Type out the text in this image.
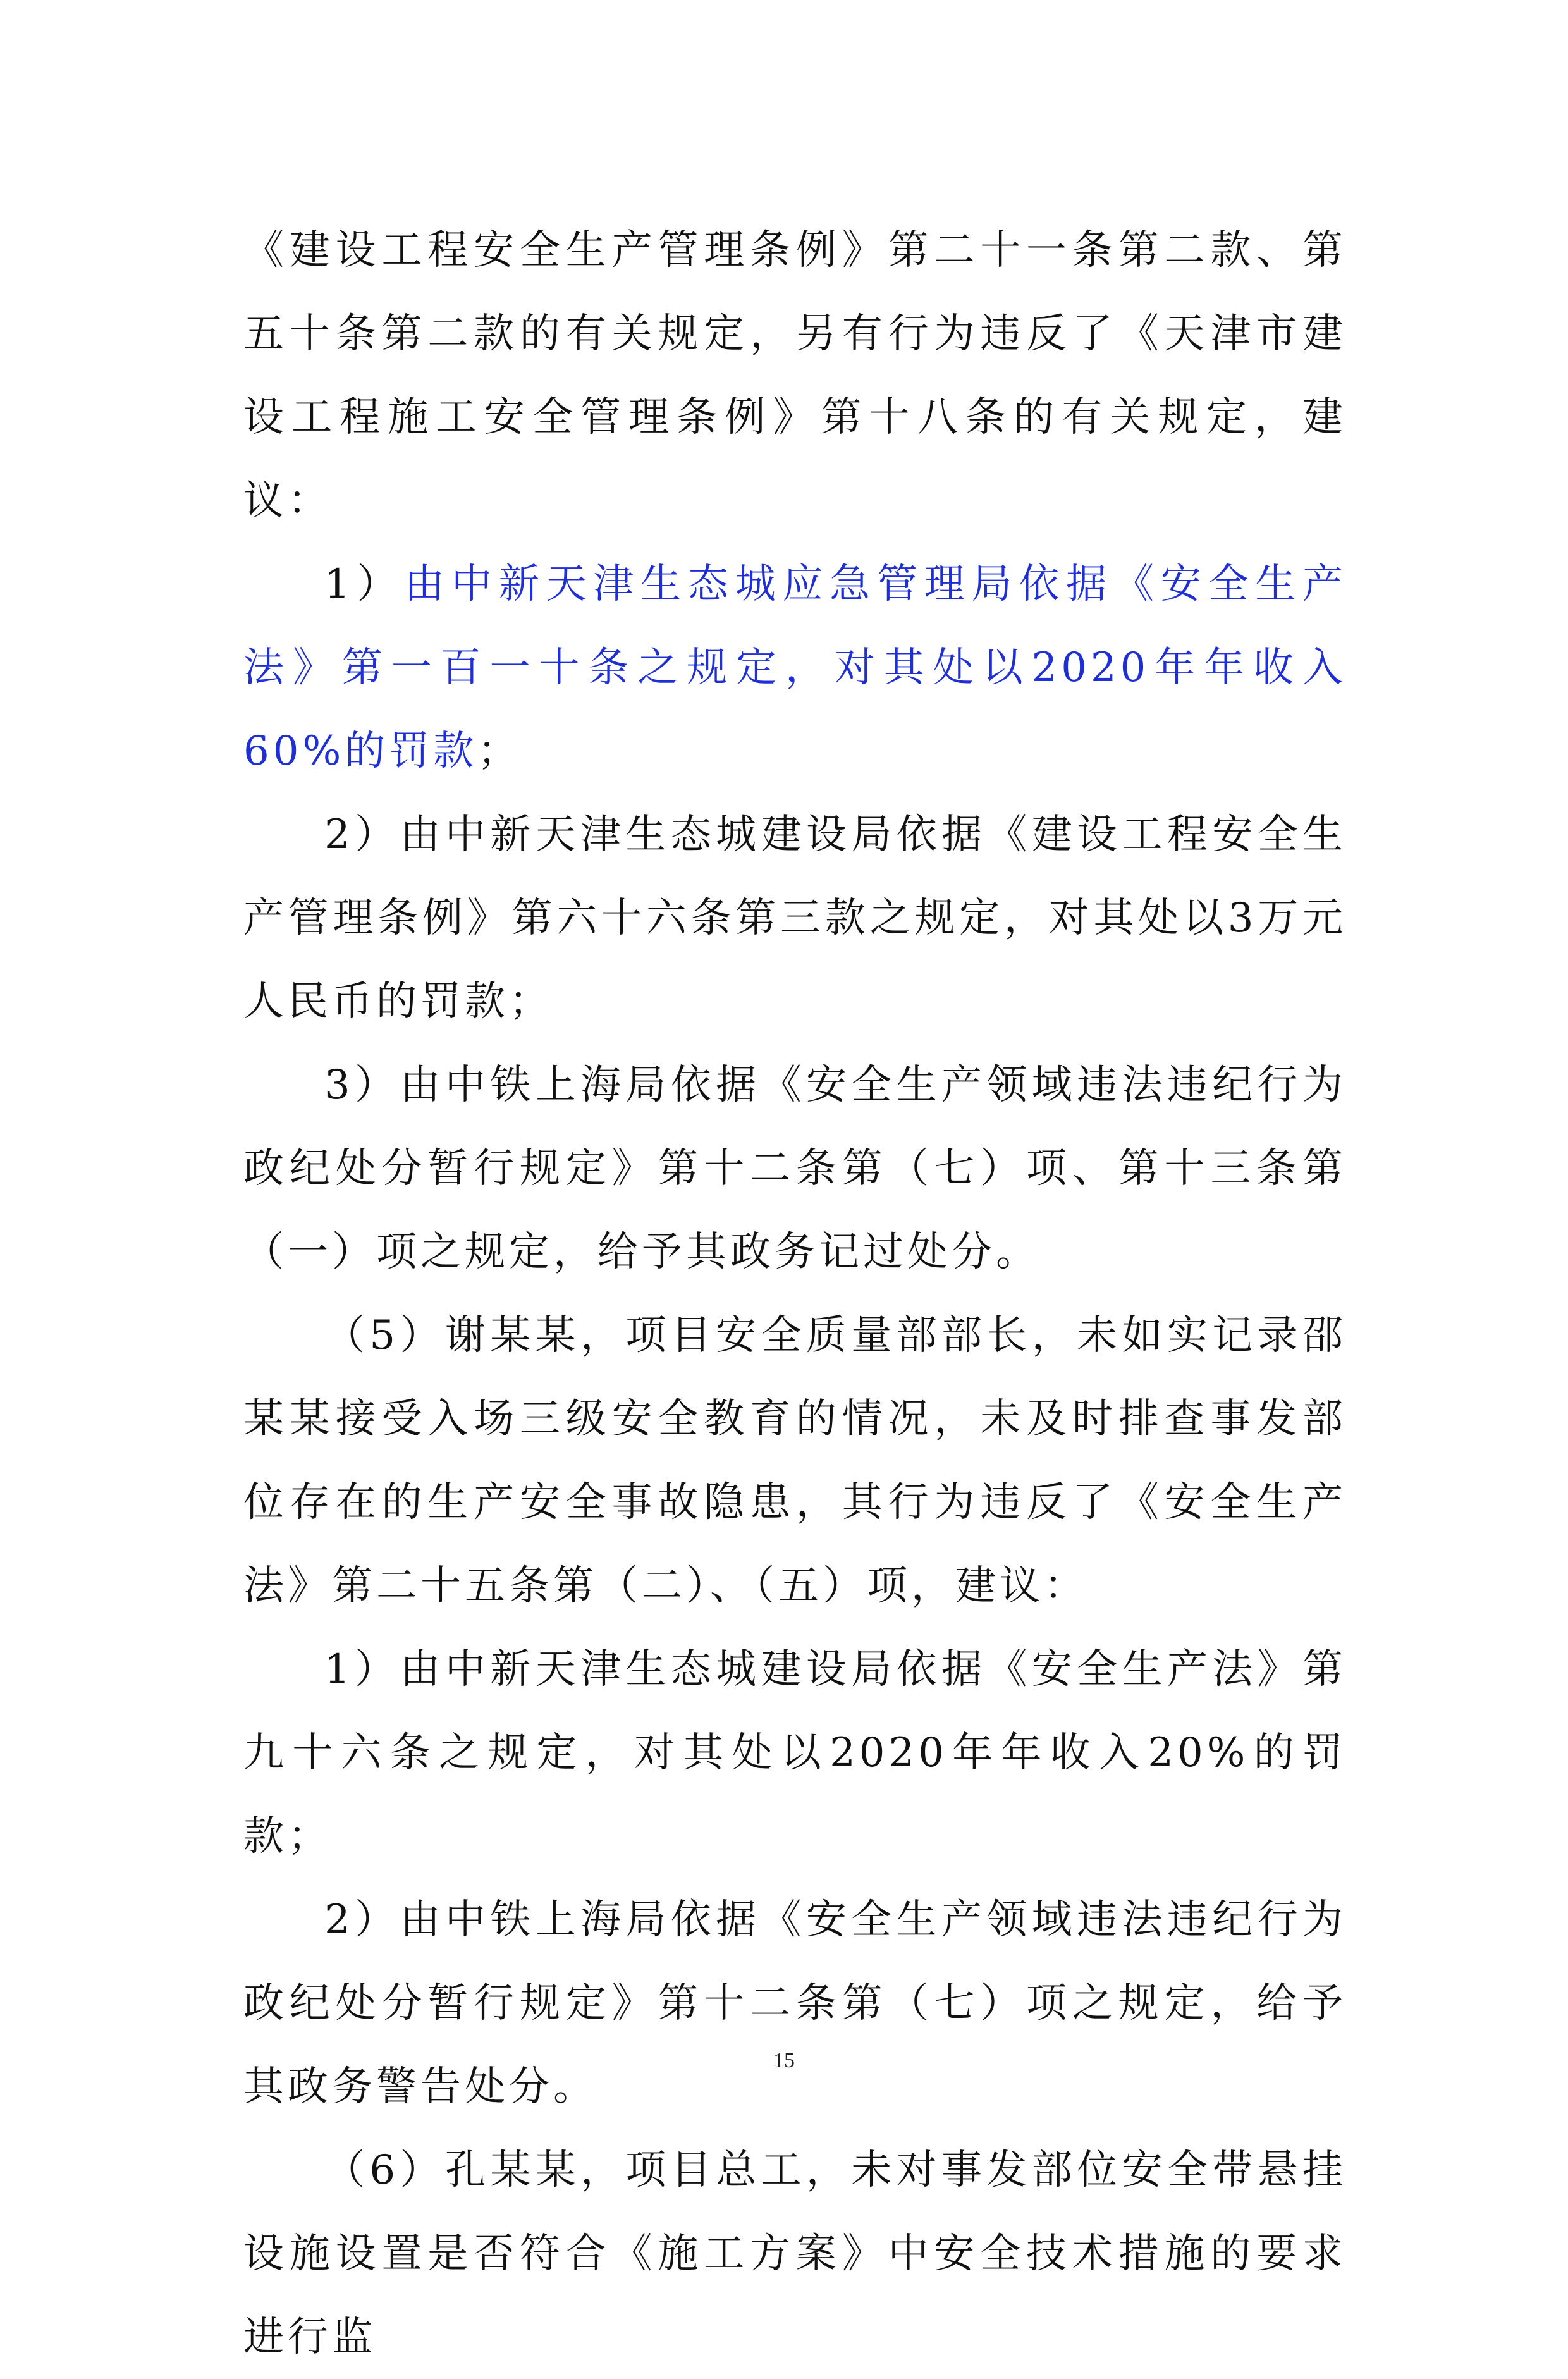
《建设工程安全生产管理条例》第二十一条第二款、第五十条第二款的有关规定，另有行为违反了《天津市建设工程施工安全管理条例》第十八条的有关规定，建议：

1）由中新天津生态城应急管理局依据《安全生产法》第一百一十条之规定，对其处以2020年年收入60%的罚款；

2）由中新天津生态城建设局依据《建设工程安全生产管理条例》第六十六条第三款之规定，对其处以3万元人民币的罚款；

3）由中铁上海局依据《安全生产领域违法违纪行为政纪处分暂行规定》第十二条第（七）项、第十三条第（一）项之规定，给予其政务记过处分。

（5）谢某某，项目安全质量部部长，未如实记录邵某某接受入场三级安全教育的情况，未及时排查事发部位存在的生产安全事故隐患，其行为违反了《安全生产法》第二十五条第（二）、（五）项，建议：

1）由中新天津生态城建设局依据《安全生产法》第九十六条之规定，对其处以2020年年收入20%的罚款；

2）由中铁上海局依据《安全生产领域违法违纪行为政纪处分暂行规定》第十二条第（七）项之规定，给予其政务警告处分。

（6）孔某某，项目总工，未对事发部位安全带悬挂设施设置是否符合《施工方案》中安全技术措施的要求进行监

15
